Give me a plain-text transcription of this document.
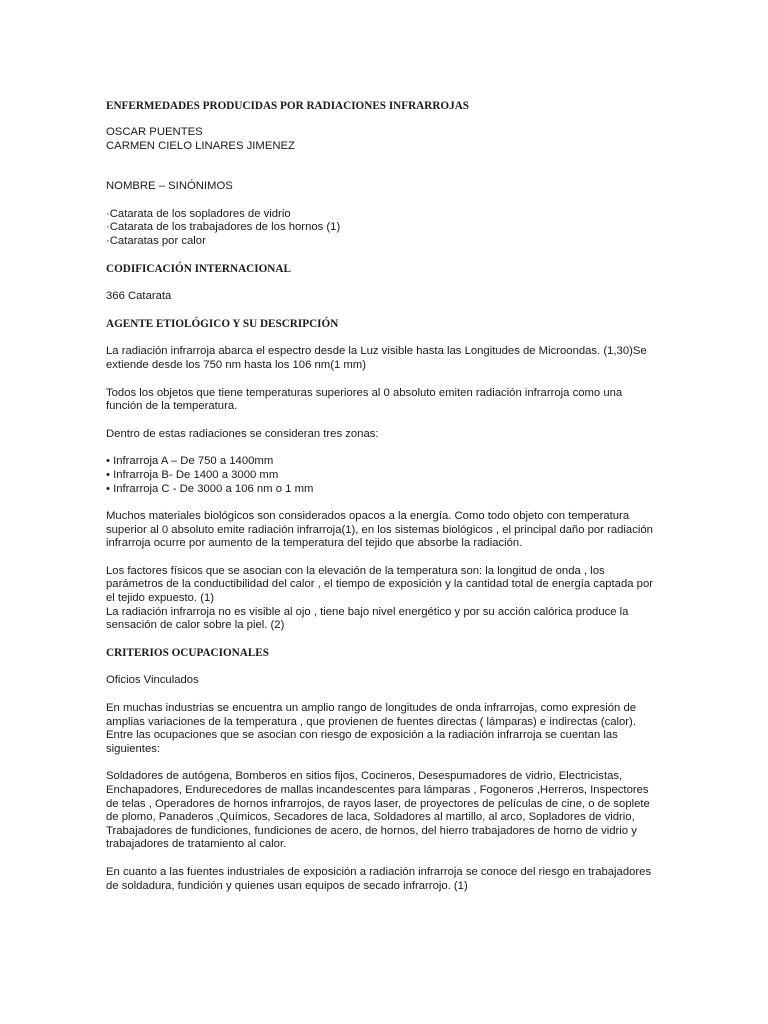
ENFERMEDADES PRODUCIDAS POR RADIACIONES INFRARROJAS
OSCAR PUENTES
CARMEN CIELO LINARES JIMENEZ
NOMBRE – SINÓNIMOS
·Catarata de los sopladores de vidrio
·Catarata de los trabajadores de los hornos (1)
·Cataratas por calor
CODIFICACIÓN INTERNACIONAL
366 Catarata
AGENTE ETIOLÓGICO Y SU DESCRIPCIÓN
La radiación infrarroja abarca el espectro desde la Luz visible hasta las Longitudes de Microondas. (1,30)Se
extiende desde los 750 nm hasta los 106 nm(1 mm)
Todos los objetos que tiene temperaturas superiores al 0 absoluto emiten radiación infrarroja como una
función de la temperatura.
Dentro de estas radiaciones se consideran tres zonas:
• Infrarroja A – De 750 a 1400mm
• Infrarroja B- De 1400 a 3000 mm
• Infrarroja C - De 3000 a 106 nm o 1 mm
Muchos materiales biológicos son considerados opacos a la energía. Como todo objeto con temperatura
superior al 0 absoluto emite radiación infrarroja(1), en los sistemas biológicos , el principal daño por radiación
infrarroja ocurre por aumento de la temperatura del tejido que absorbe la radiación.
Los factores físicos que se asocian con la elevación de la temperatura son: la longitud de onda , los
parámetros de la conductibilidad del calor , el tiempo de exposición y la cantidad total de energía captada por
el tejido expuesto. (1)
La radiación infrarroja no es visible al ojo , tiene bajo nivel energético y por su acción calórica produce la
sensación de calor sobre la piel. (2)
CRITERIOS OCUPACIONALES
Oficios Vinculados
En muchas industrias se encuentra un amplio rango de longitudes de onda infrarrojas, como expresión de
amplias variaciones de la temperatura , que provienen de fuentes directas ( lámparas) e indirectas (calor).
Entre las ocupaciones que se asocian con riesgo de exposición a la radiación infrarroja se cuentan las
siguientes:
Soldadores de autógena, Bomberos en sitios fijos, Cocineros, Desespumadores de vidrio, Electricistas,
Enchapadores, Endurecedores de mallas incandescentes para lámparas , Fogoneros ,Herreros, Inspectores
de telas , Operadores de hornos infrarrojos, de rayos laser, de proyectores de películas de cine, o de soplete
de plomo, Panaderos ,Químicos, Secadores de laca, Soldadores al martillo, al arco, Sopladores de vidrio,
Trabajadores de fundiciones, fundiciones de acero, de hornos, del hierro trabajadores de horno de vidrio y
trabajadores de tratamiento al calor.
En cuanto a las fuentes industriales de exposición a radiación infrarroja se conoce del riesgo en trabajadores
de soldadura, fundición y quienes usan equipos de secado infrarrojo. (1)
